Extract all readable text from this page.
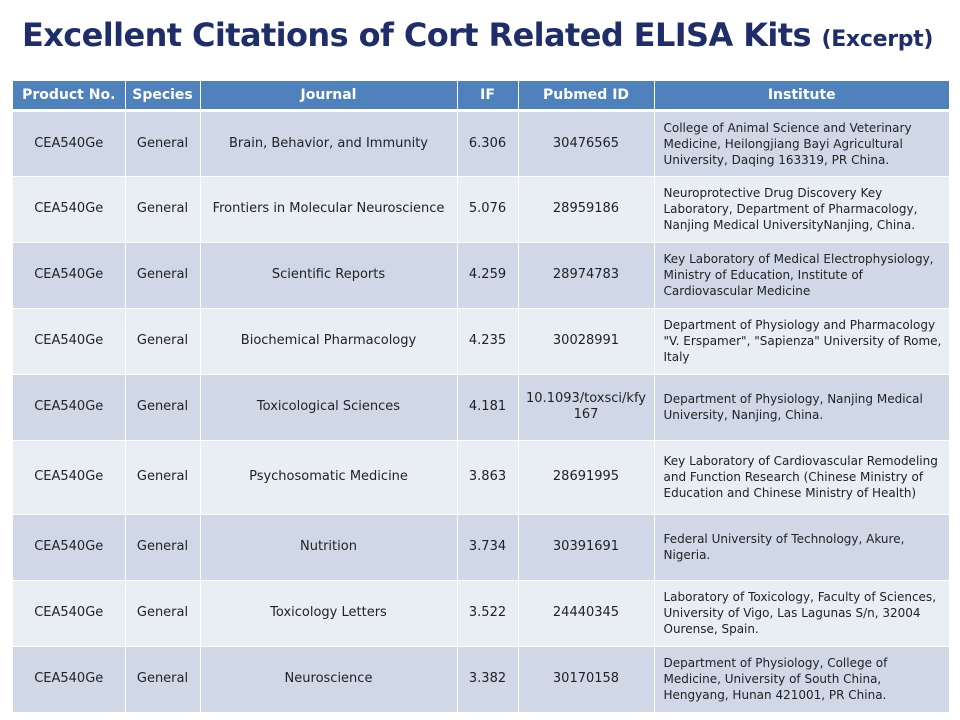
Excellent Citations of Cort Related ELISA Kits (Excerpt)
Product No.	Species	Journal	IF	Pubmed ID	Institute
CEA540Ge	General	Brain, Behavior, and Immunity	6.306	30476565	College of Animal Science and Veterinary Medicine, Heilongjiang Bayi Agricultural University, Daqing 163319, PR China.
CEA540Ge	General	Frontiers in Molecular Neuroscience	5.076	28959186	Neuroprotective Drug Discovery Key Laboratory, Department of Pharmacology, Nanjing Medical UniversityNanjing, China.
CEA540Ge	General	Scientific Reports	4.259	28974783	Key Laboratory of Medical Electrophysiology, Ministry of Education, Institute of Cardiovascular Medicine
CEA540Ge	General	Biochemical Pharmacology	4.235	30028991	Department of Physiology and Pharmacology "V. Erspamer", "Sapienza" University of Rome, Italy
CEA540Ge	General	Toxicological Sciences	4.181	10.1093/toxsci/kfy167	Department of Physiology, Nanjing Medical University, Nanjing, China.
CEA540Ge	General	Psychosomatic Medicine	3.863	28691995	Key Laboratory of Cardiovascular Remodeling and Function Research (Chinese Ministry of Education and Chinese Ministry of Health)
CEA540Ge	General	Nutrition	3.734	30391691	Federal University of Technology, Akure, Nigeria.
CEA540Ge	General	Toxicology Letters	3.522	24440345	Laboratory of Toxicology, Faculty of Sciences, University of Vigo, Las Lagunas S/n, 32004 Ourense, Spain.
CEA540Ge	General	Neuroscience	3.382	30170158	Department of Physiology, College of Medicine, University of South China, Hengyang, Hunan 421001, PR China.
